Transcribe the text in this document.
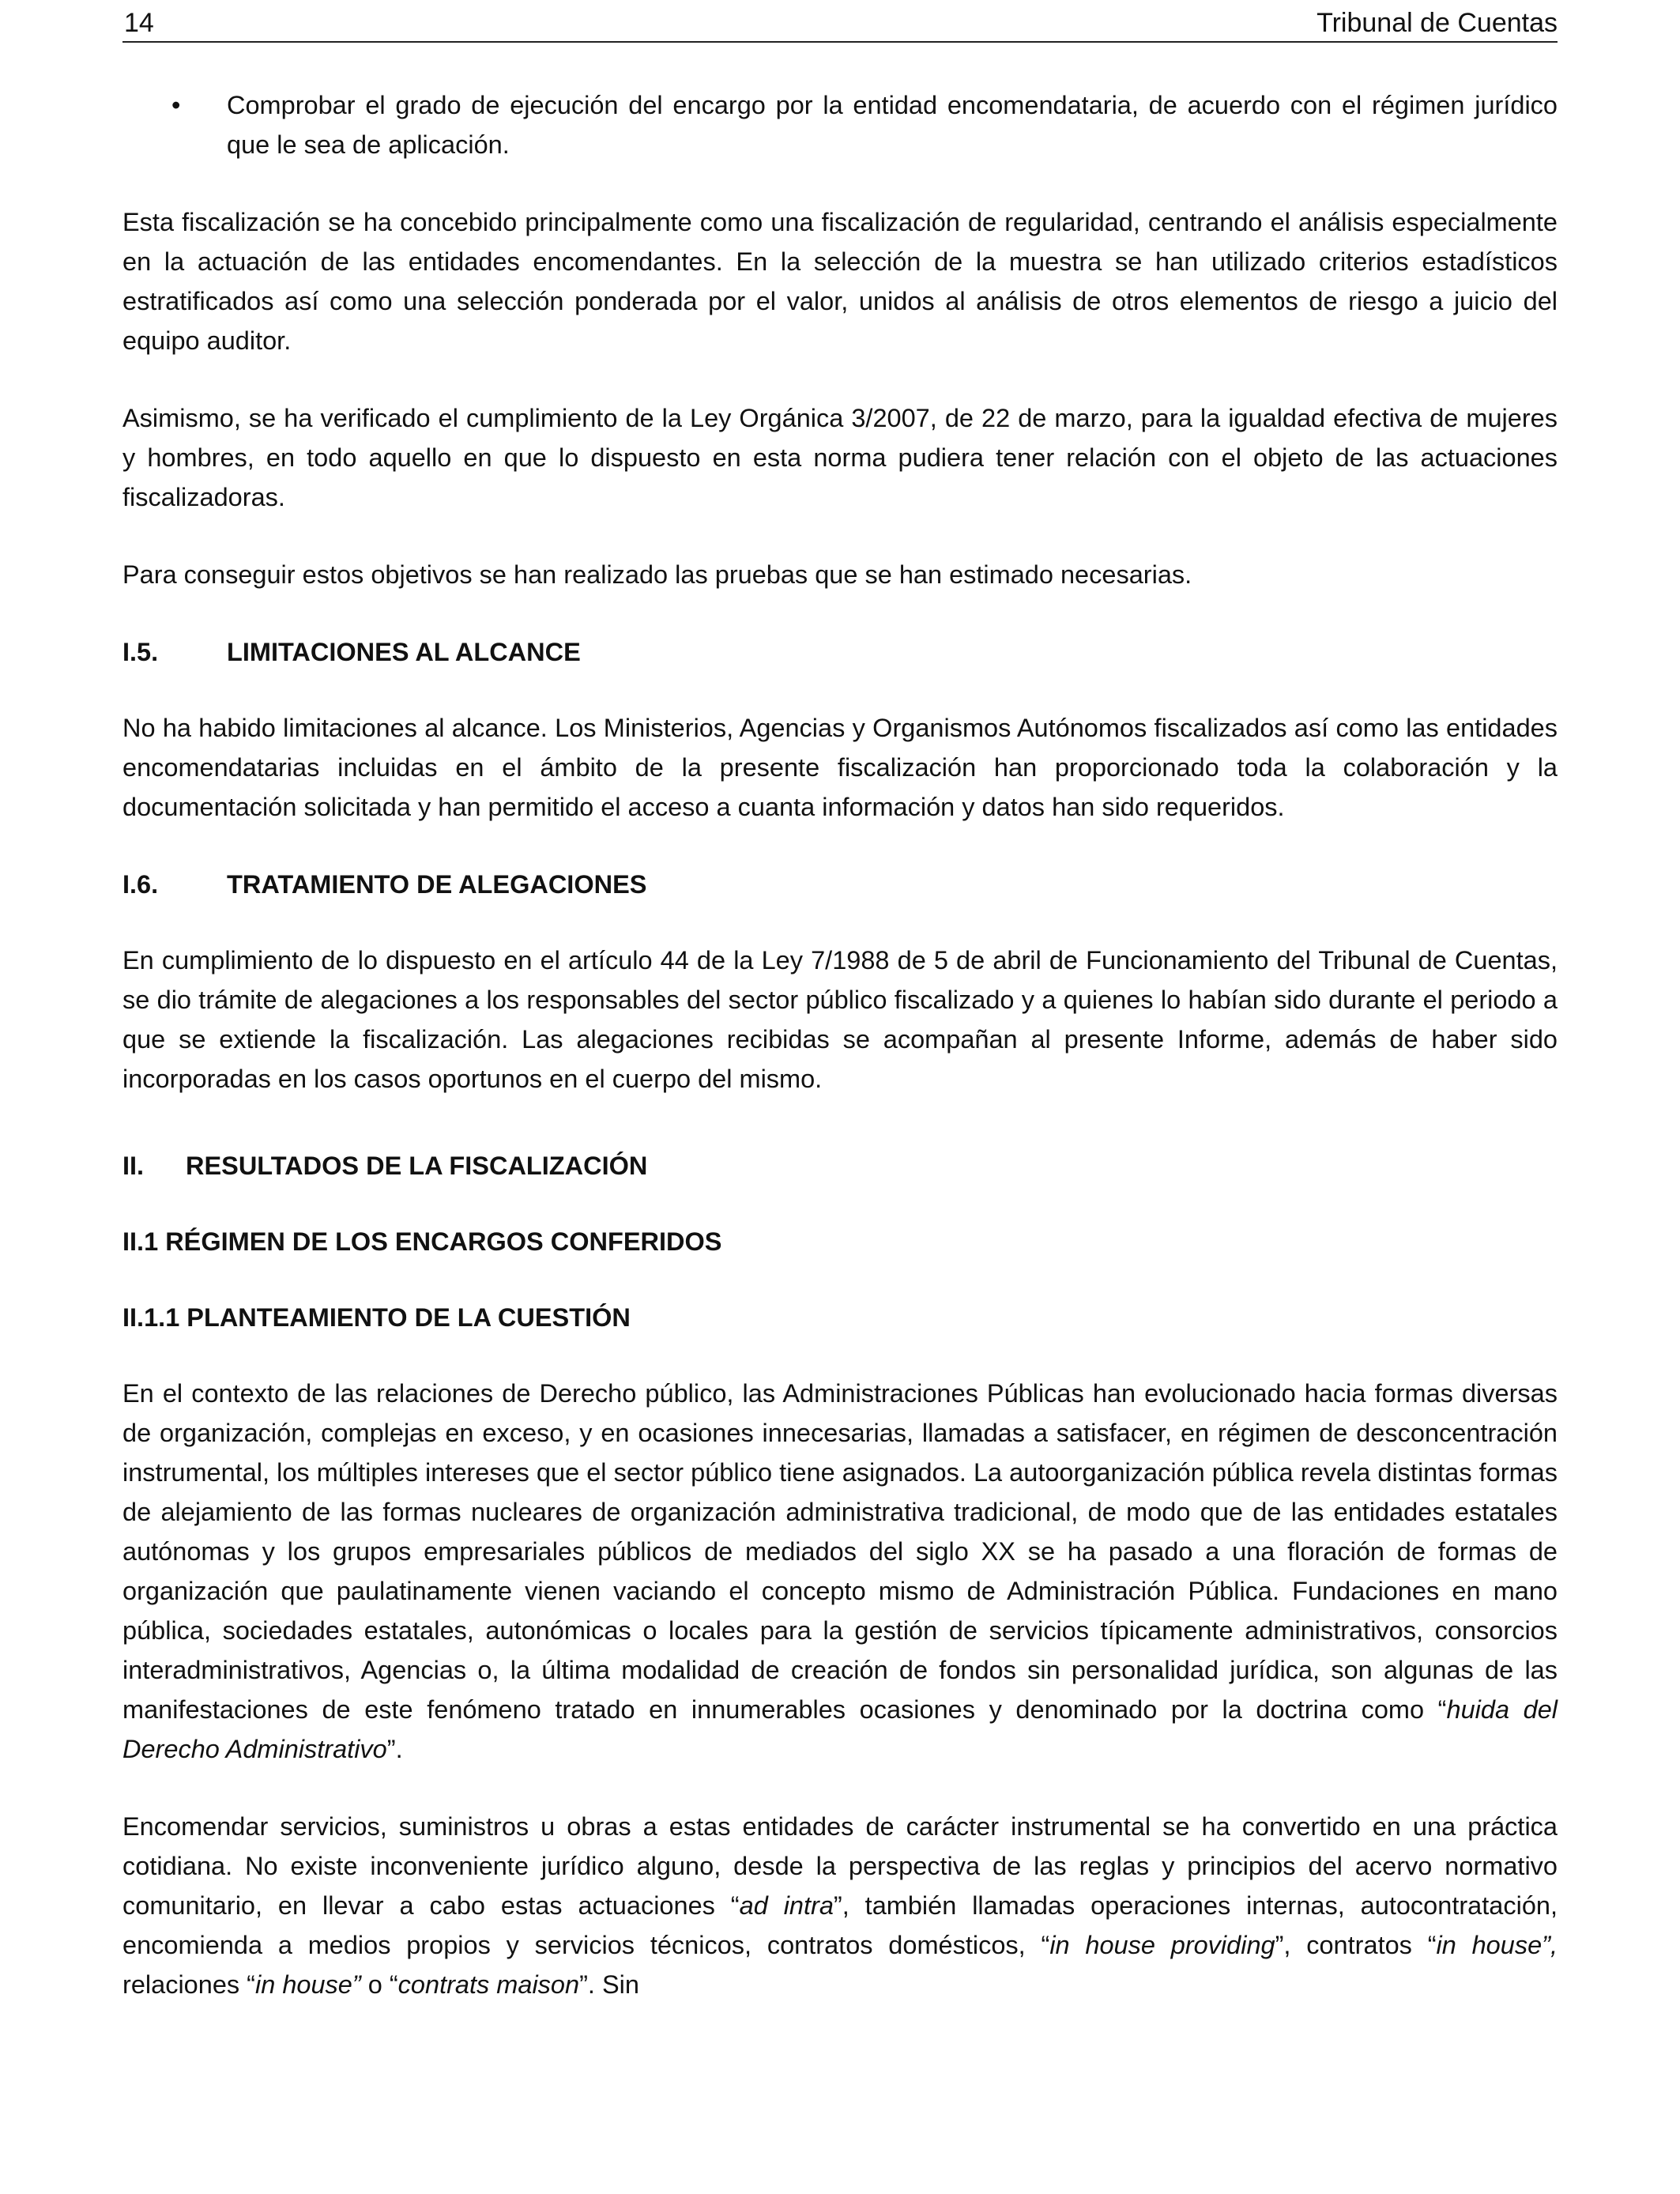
14	Tribunal de Cuentas
•	Comprobar el grado de ejecución del encargo por la entidad encomendataria, de acuerdo con el régimen jurídico que le sea de aplicación.

Esta fiscalización se ha concebido principalmente como una fiscalización de regularidad, centrando el análisis especialmente en la actuación de las entidades encomendantes. En la selección de la muestra se han utilizado criterios estadísticos estratificados así como una selección ponderada por el valor, unidos al análisis de otros elementos de riesgo a juicio del equipo auditor.

Asimismo, se ha verificado el cumplimiento de la Ley Orgánica 3/2007, de 22 de marzo, para la igualdad efectiva de mujeres y hombres, en todo aquello en que lo dispuesto en esta norma pudiera tener relación con el objeto de las actuaciones fiscalizadoras.

Para conseguir estos objetivos se han realizado las pruebas que se han estimado necesarias.

I.5.	LIMITACIONES AL ALCANCE

No ha habido limitaciones al alcance. Los Ministerios, Agencias y Organismos Autónomos fiscalizados así como las entidades encomendatarias incluidas en el ámbito de la presente fiscalización han proporcionado toda la colaboración y la documentación solicitada y han permitido el acceso a cuanta información y datos han sido requeridos.

I.6.	TRATAMIENTO DE ALEGACIONES

En cumplimiento de lo dispuesto en el artículo 44 de la Ley 7/1988 de 5 de abril de Funcionamiento del Tribunal de Cuentas, se dio trámite de alegaciones a los responsables del sector público fiscalizado y a quienes lo habían sido durante el periodo a que se extiende la fiscalización. Las alegaciones recibidas se acompañan al presente Informe, además de haber sido incorporadas en los casos oportunos en el cuerpo del mismo.

II. RESULTADOS DE LA FISCALIZACIÓN
II.1 RÉGIMEN DE LOS ENCARGOS CONFERIDOS
II.1.1 PLANTEAMIENTO DE LA CUESTIÓN

En el contexto de las relaciones de Derecho público, las Administraciones Públicas han evolucionado hacia formas diversas de organización, complejas en exceso, y en ocasiones innecesarias, llamadas a satisfacer, en régimen de desconcentración instrumental, los múltiples intereses que el sector público tiene asignados. La autoorganización pública revela distintas formas de alejamiento de las formas nucleares de organización administrativa tradicional, de modo que de las entidades estatales autónomas y los grupos empresariales públicos de mediados del siglo XX se ha pasado a una floración de formas de organización que paulatinamente vienen vaciando el concepto mismo de Administración Pública. Fundaciones en mano pública, sociedades estatales, autonómicas o locales para la gestión de servicios típicamente administrativos, consorcios interadministrativos, Agencias o, la última modalidad de creación de fondos sin personalidad jurídica, son algunas de las manifestaciones de este fenómeno tratado en innumerables ocasiones y denominado por la doctrina como “huida del Derecho Administrativo”.

Encomendar servicios, suministros u obras a estas entidades de carácter instrumental se ha convertido en una práctica cotidiana. No existe inconveniente jurídico alguno, desde la perspectiva de las reglas y principios del acervo normativo comunitario, en llevar a cabo estas actuaciones “ad intra”, también llamadas operaciones internas, autocontratación, encomienda a medios propios y servicios técnicos, contratos domésticos, “in house providing”, contratos “in house”, relaciones “in house” o “contrats maison”. Sin
